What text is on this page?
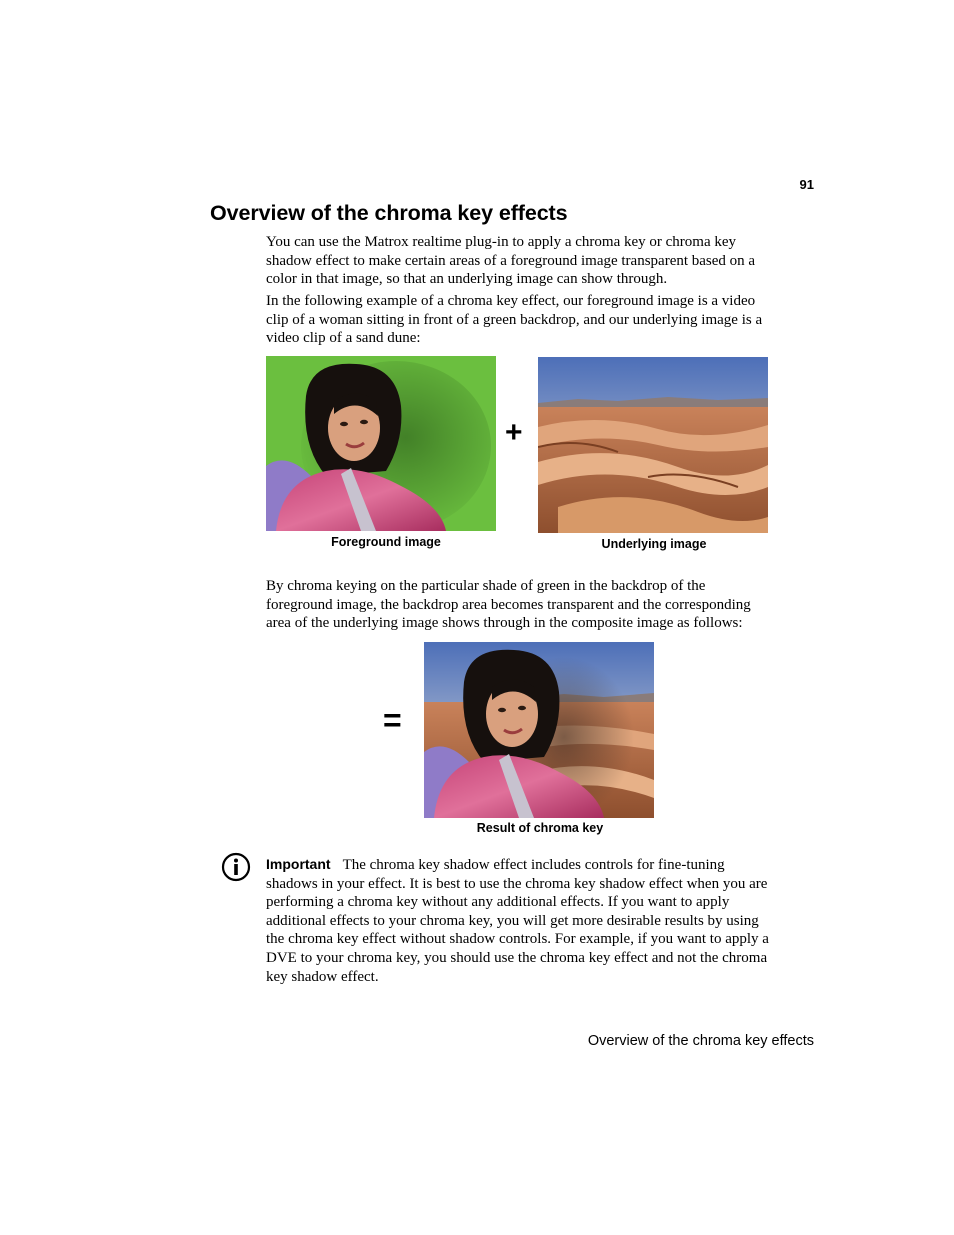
91
Overview of the chroma key effects

You can use the Matrox realtime plug-in to apply a chroma key or chroma key shadow effect to make certain areas of a foreground image transparent based on a color in that image, so that an underlying image can show through.

In the following example of a chroma key effect, our foreground image is a video clip of a woman sitting in front of a green backdrop, and our underlying image is a video clip of a sand dune:

+
Foreground image	Underlying image

By chroma keying on the particular shade of green in the backdrop of the foreground image, the backdrop area becomes transparent and the corresponding area of the underlying image shows through in the composite image as follows:

=
Result of chroma key

Important The chroma key shadow effect includes controls for fine-tuning shadows in your effect. It is best to use the chroma key shadow effect when you are performing a chroma key without any additional effects. If you want to apply additional effects to your chroma key, you will get more desirable results by using the chroma key effect without shadow controls. For example, if you want to apply a DVE to your chroma key, you should use the chroma key effect and not the chroma key shadow effect.

Overview of the chroma key effects
